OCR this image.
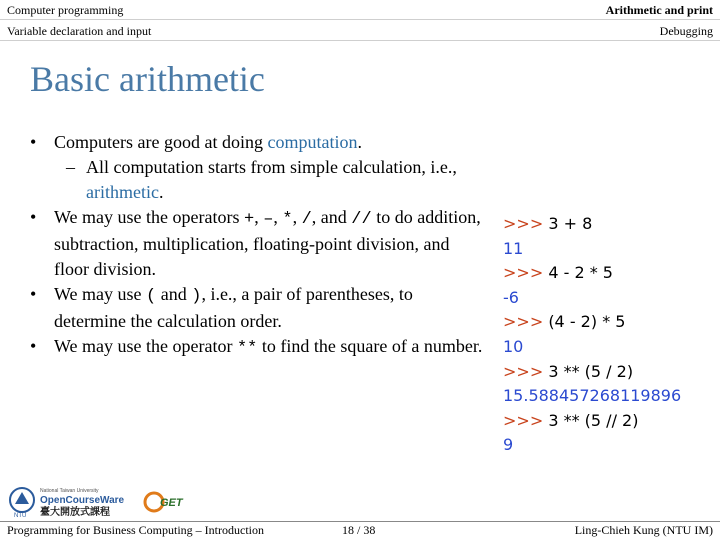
Computer programming	Arithmetic and print
Variable declaration and input	Debugging
Basic arithmetic
• Computers are good at doing computation.
– All computation starts from simple calculation, i.e., arithmetic.
• We may use the operators +, –, *, /, and // to do addition, subtraction, multiplication, floating-point division, and floor division.
• We may use ( and ), i.e., a pair of parentheses, to determine the calculation order.
• We may use the operator ** to find the square of a number.
>>> 3 + 8
11
>>> 4 - 2 * 5
-6
>>> (4 - 2) * 5
10
>>> 3 ** (5 / 2)
15.588457268119896
>>> 3 ** (5 // 2)
9
NTU
National Taiwan University
OpenCourseWare
臺大開放式課程
GET
Programming for Business Computing – Introduction	18 / 38	Ling-Chieh Kung (NTU IM)
